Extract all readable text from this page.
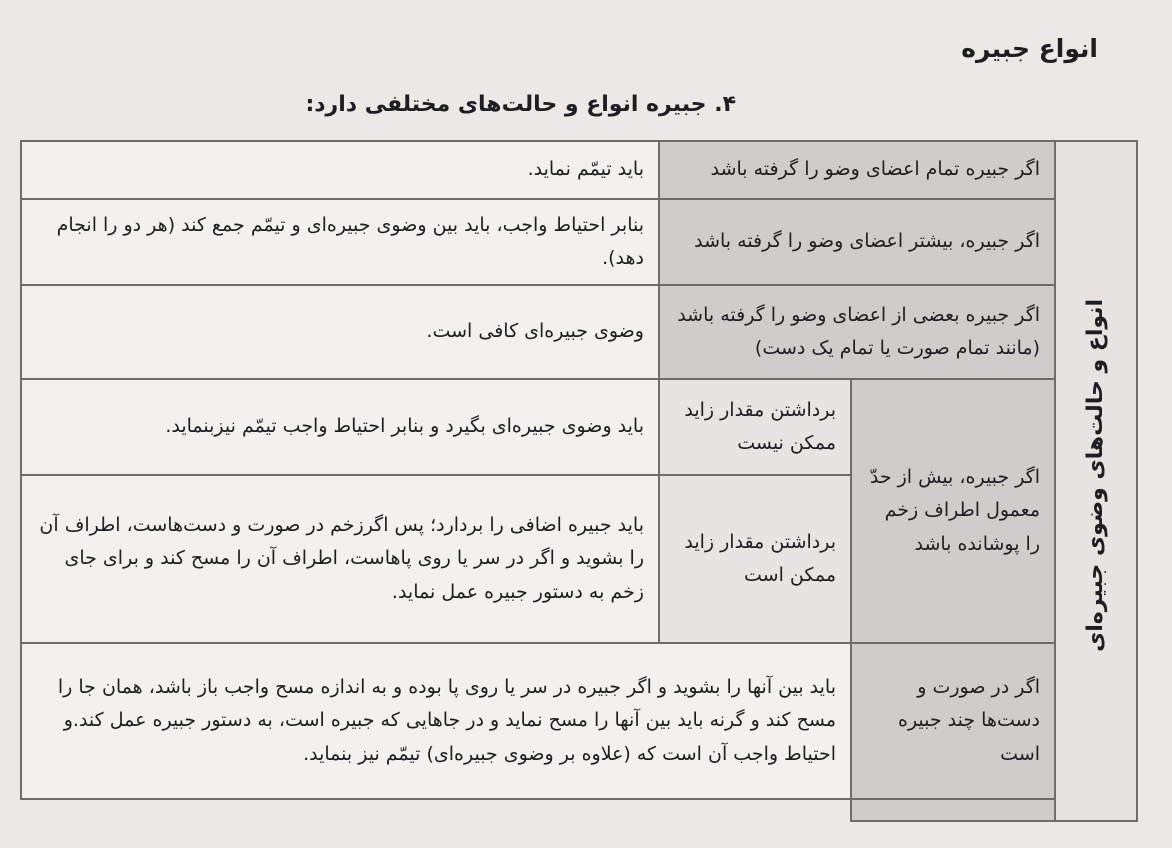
انواع جبیره
۴. جبیره انواع و حالت‌های مختلفی دارد:
انواع و حالت‌های وضوی جبیره‌ای	اگر جبیره تمام اعضای وضو را گرفته باشد		باید تیمّم نماید.
	اگر جبیره، بیشتر اعضای وضو را گرفته باشد		بنابر احتیاط واجب، باید بین وضوی جبیره‌ای و تیمّم جمع کند (هر دو را انجام دهد).
	اگر جبیره بعضی از اعضای وضو را گرفته باشد (مانند تمام صورت یا تمام یک دست)		وضوی جبیره‌ای کافی است.
	اگر جبیره، بیش از حدّ معمول اطراف زخم را پوشانده باشد	برداشتن مقدار زاید ممکن نیست	باید وضوی جبیره‌ای بگیرد و بنابر احتیاط واجب تیمّم نیزبنماید.
		برداشتن مقدار زاید ممکن است	باید جبیره اضافی را بردارد؛ پس اگرزخم در صورت و دست‌هاست، اطراف آن را بشوید و اگر در سر یا روی پاهاست، اطراف آن را مسح کند و برای جای زخم به دستور جبیره عمل نماید.
	اگر در صورت و دست‌ها چند جبیره است	باید بین آنها را بشوید و اگر جبیره در سر یا روی پا بوده و به اندازه مسح واجب باز باشد، همان جا را مسح کند و گرنه باید بین آنها را مسح نماید و در جاهایی که جبیره است، به دستور جبیره عمل کند.و احتیاط واجب آن است که (علاوه بر وضوی جبیره‌ای) تیمّم نیز بنماید.	
